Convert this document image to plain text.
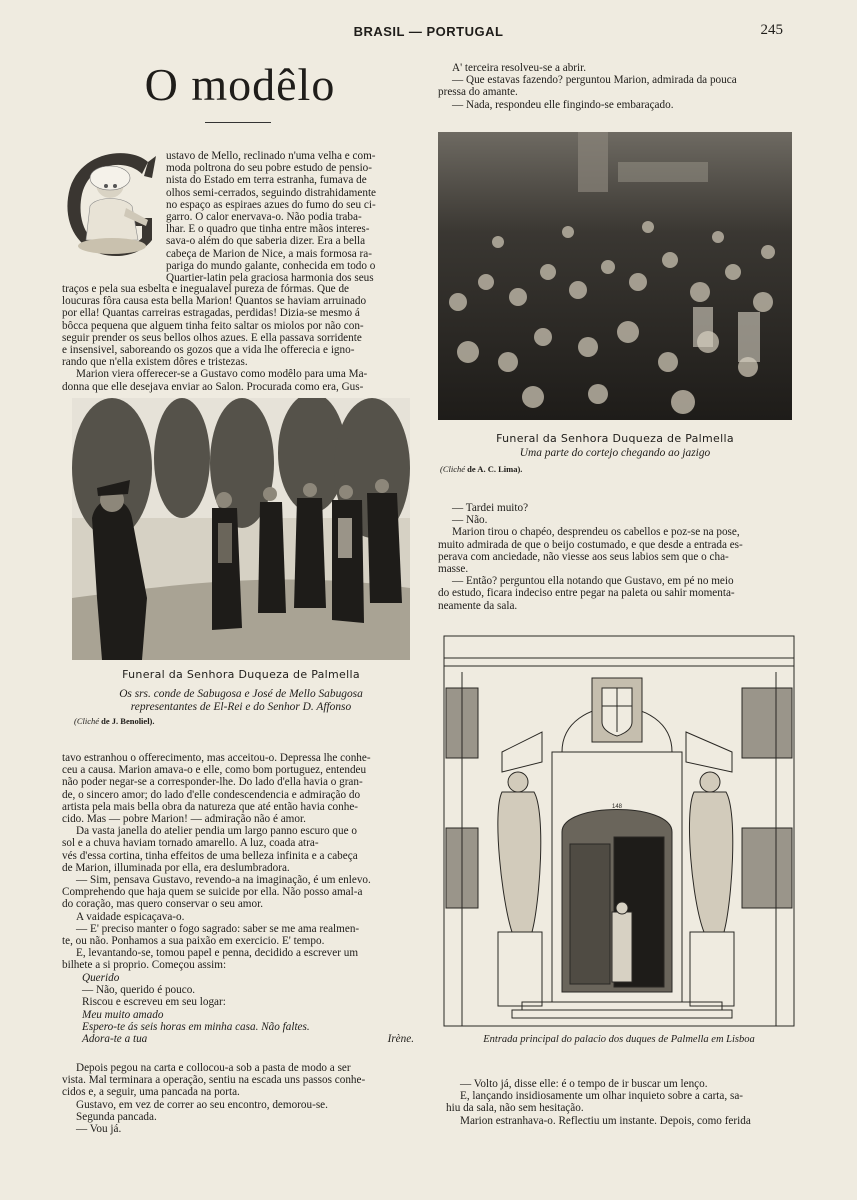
BRASIL — PORTUGAL	245
O modêlo

ustavo de Mello, reclinado n'uma velha e com-

moda poltrona do seu pobre estudo de pensio-

nista do Estado em terra estranha, fumava de

olhos semi-cerrados, seguindo distrahidamente

no espaço as espiraes azues do fumo do seu ci-

garro. O calor enervava-o. Não podia traba-

lhar. E o quadro que tinha entre mãos interes-

sava-o além do que saberia dizer. Era a bella

cabeça de Marion de Nice, a mais formosa ra-

pariga do mundo galante, conhecida em todo o

Quartier-latin pela graciosa harmonia dos seus

traços e pela sua esbelta e inegualavel pureza de fórmas. Que de

loucuras fôra causa esta bella Marion! Quantos se haviam arruinado

por ella! Quantas carreiras estragadas, perdidas! Dizia-se mesmo á

bôcca pequena que alguem tinha feito saltar os miolos por não con-

seguir prender os seus bellos olhos azues. E ella passava sorridente

e insensivel, saboreando os gozos que a vida lhe offerecia e igno-

rando que n'ella existem dôres e tristezas.

Marion viera offerecer-se a Gustavo como modêlo para uma Ma-

donna que elle desejava enviar ao Salon. Procurada como era, Gus-

A' terceira resolveu-se a abrir.

— Que estavas fazendo? perguntou Marion, admirada da pouca

pressa do amante.

— Nada, respondeu elle fingindo-se embaraçado.

Funeral da Senhora Duqueza de Palmella
Uma parte do cortejo chegando ao jazigo
(Cliché de A. C. Lima).
Funeral da Senhora Duqueza de Palmella
Os srs. conde de Sabugosa e José de Mello Sabugosa
representantes de El-Rei e do Senhor D. Affonso
(Cliché de J. Benoliel).

— Tardei muito?

— Não.

Marion tirou o chapéo, desprendeu os cabellos e poz-se na pose,

muito admirada de que o beijo costumado, e que desde a entrada es-

perava com anciedade, não viesse aos seus labios sem que o cha-

masse.

— Então? perguntou ella notando que Gustavo, em pé no meio

do estudo, ficara indeciso entre pegar na paleta ou sahir momenta-

neamente da sala.

148
Entrada principal do palacio dos duques de Palmella em Lisboa

tavo estranhou o offerecimento, mas acceitou-o. Depressa lhe conhe-

ceu a causa. Marion amava-o e elle, como bom portuguez, entendeu

não poder negar-se a corresponder-lhe. Do lado d'ella havia o gran-

de, o sincero amor; do lado d'elle condescendencia e admiração do

artista pela mais bella obra da natureza que até então havia conhe-

cido. Mas — pobre Marion! — admiração não é amor.

Da vasta janella do atelier pendia um largo panno escuro que o

sol e a chuva haviam tornado amarello. A luz, coada atra-

vés d'essa cortina, tinha effeitos de uma belleza infinita e a cabeça

de Marion, illuminada por ella, era deslumbradora.

— Sim, pensava Gustavo, revendo-a na imaginação, é um enlevo.

Comprehendo que haja quem se suicide por ella. Não posso amal-a

do coração, mas quero conservar o seu amor.

A vaidade espicaçava-o.

— E' preciso manter o fogo sagrado: saber se me ama realmen-

te, ou não. Ponhamos a sua paixão em exercicio. E' tempo.

E, levantando-se, tomou papel e penna, decidido a escrever um

bilhete a si proprio. Começou assim:

Querido
— Não, querido é pouco.
Riscou e escreveu em seu logar:
Meu muito amado
Espero-te ás seis horas em minha casa. Não faltes.
Adora-te a tua	Irène.

Depois pegou na carta e collocou-a sob a pasta de modo a ser

vista. Mal terminara a operação, sentiu na escada uns passos conhe-

cidos e, a seguir, uma pancada na porta.

Gustavo, em vez de correr ao seu encontro, demorou-se.

Segunda pancada.

— Vou já.

— Volto já, disse elle: é o tempo de ir buscar um lenço.

E, lançando insidiosamente um olhar inquieto sobre a carta, sa-

hiu da sala, não sem hesitação.

Marion estranhava-o. Reflectiu um instante. Depois, como ferida
